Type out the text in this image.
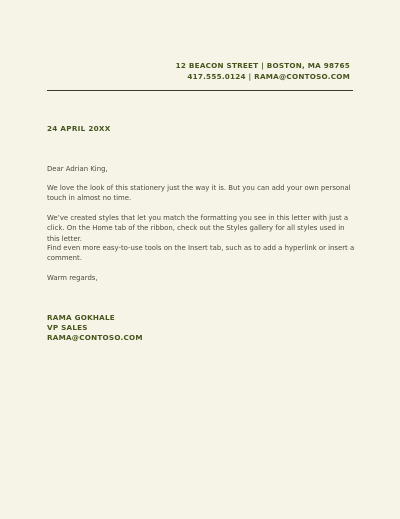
12 BEACON STREET | BOSTON, MA 98765
417.555.0124 | RAMA@CONTOSO.COM
24 APRIL 20XX

Dear Adrian King,

We love the look of this stationery just the way it is. But you can add your own personal touch in almost no time.

We’ve created styles that let you match the formatting you see in this letter with just a click. On the Home tab of the ribbon, check out the Styles gallery for all styles used in this letter.

Find even more easy-to-use tools on the Insert tab, such as to add a hyperlink or insert a comment.

Warm regards,

RAMA GOKHALE
VP SALES
RAMA@CONTOSO.COM
